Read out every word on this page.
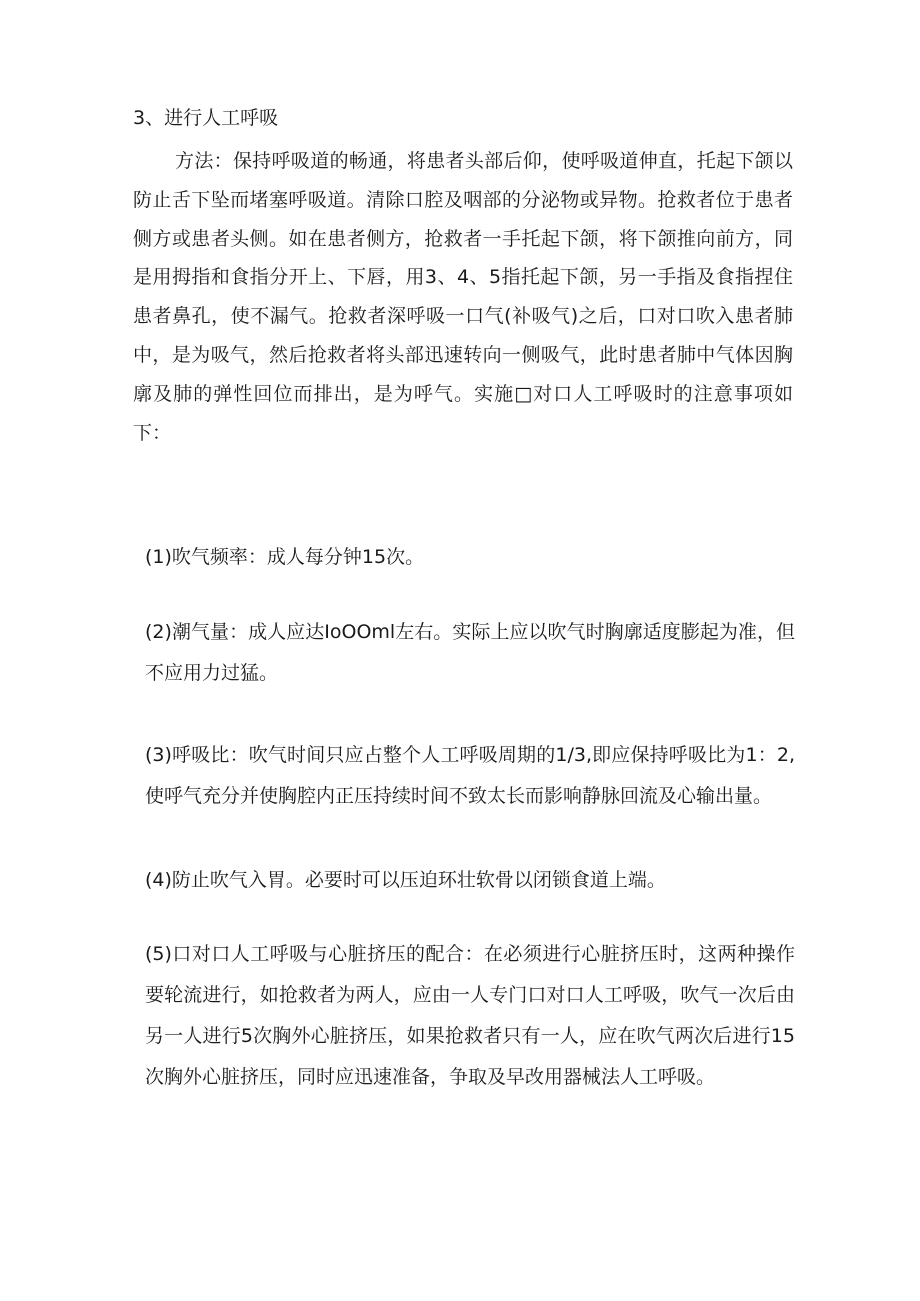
3、进行人工呼吸

方法：保持呼吸道的畅通，将患者头部后仰，使呼吸道伸直，托起下颌以防止舌下坠而堵塞呼吸道。清除口腔及咽部的分泌物或异物。抢救者位于患者侧方或患者头侧。如在患者侧方，抢救者一手托起下颌，将下颌推向前方，同是用拇指和食指分开上、下唇，用3、4、5指托起下颌，另一手指及食指捏住患者鼻孔，使不漏气。抢救者深呼吸一口气(补吸气)之后，口对口吹入患者肺中，是为吸气，然后抢救者将头部迅速转向一侧吸气，此时患者肺中气体因胸廓及肺的弹性回位而排出，是为呼气。实施□对口人工呼吸时的注意事项如下：

(1)吹气频率：成人每分钟15次。

(2)潮气量：成人应达IoOOml左右。实际上应以吹气时胸廓适度膨起为准，但不应用力过猛。

(3)呼吸比：吹气时间只应占整个人工呼吸周期的1/3,即应保持呼吸比为1：2,使呼气充分并使胸腔内正压持续时间不致太长而影响静脉回流及心输出量。

(4)防止吹气入胃。必要时可以压迫环壮软骨以闭锁食道上端。

(5)口对口人工呼吸与心脏挤压的配合：在必须进行心脏挤压时，这两种操作要轮流进行，如抢救者为两人，应由一人专门口对口人工呼吸，吹气一次后由另一人进行5次胸外心脏挤压，如果抢救者只有一人，应在吹气两次后进行15次胸外心脏挤压，同时应迅速准备，争取及早改用器械法人工呼吸。
